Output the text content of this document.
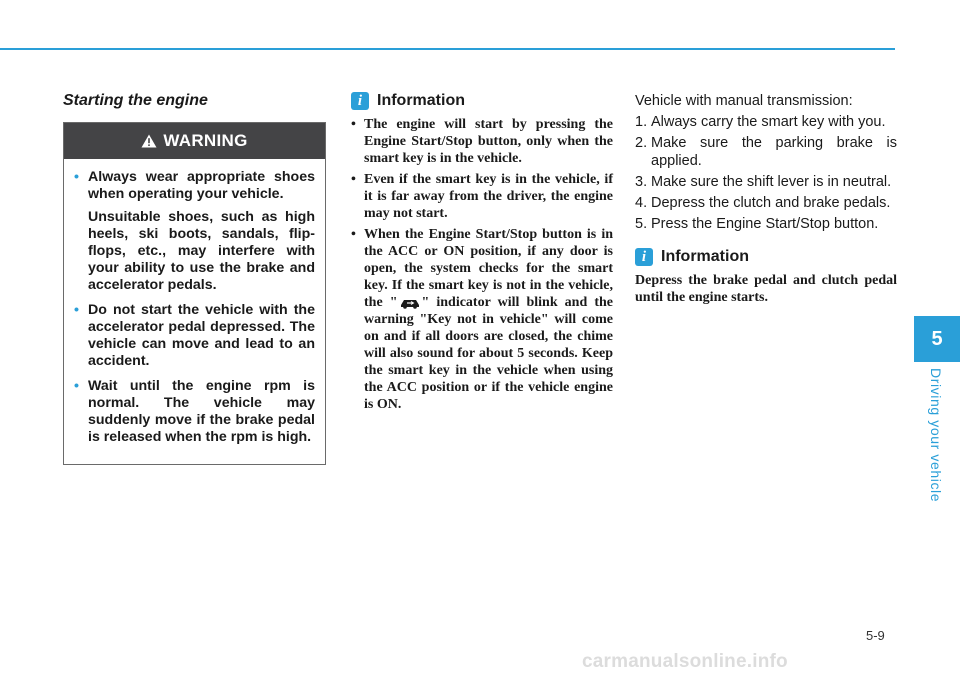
Starting the engine
WARNING
• Always wear appropriate shoes when operating your vehicle.
Unsuitable shoes, such as high heels, ski boots, sandals, flip-flops, etc., may interfere with your ability to use the brake and accelerator pedals.
• Do not start the vehicle with the accelerator pedal depressed. The vehicle can move and lead to an accident.
• Wait until the engine rpm is normal. The vehicle may suddenly move if the brake pedal is released when the rpm is high.
i Information
• The engine will start by pressing the Engine Start/Stop button, only when the smart key is in the vehicle.
• Even if the smart key is in the vehicle, if it is far away from the driver, the engine may not start.
• When the Engine Start/Stop button is in the ACC or ON position, if any door is open, the system checks for the smart key. If the smart key is not in the vehicle, the " " indicator will blink and the warning "Key not in vehicle" will come on and if all doors are closed, the chime will also sound for about 5 seconds. Keep the smart key in the vehicle when using the ACC position or if the vehicle engine is ON.

Vehicle with manual transmission:

1. Always carry the smart key with you.
2. Make sure the parking brake is applied.
3. Make sure the shift lever is in neutral.
4. Depress the clutch and brake pedals.
5. Press the Engine Start/Stop button.
i Information

Depress the brake pedal and clutch pedal until the engine starts.

5
Driving your vehicle
5-9
carmanualsonline.info
